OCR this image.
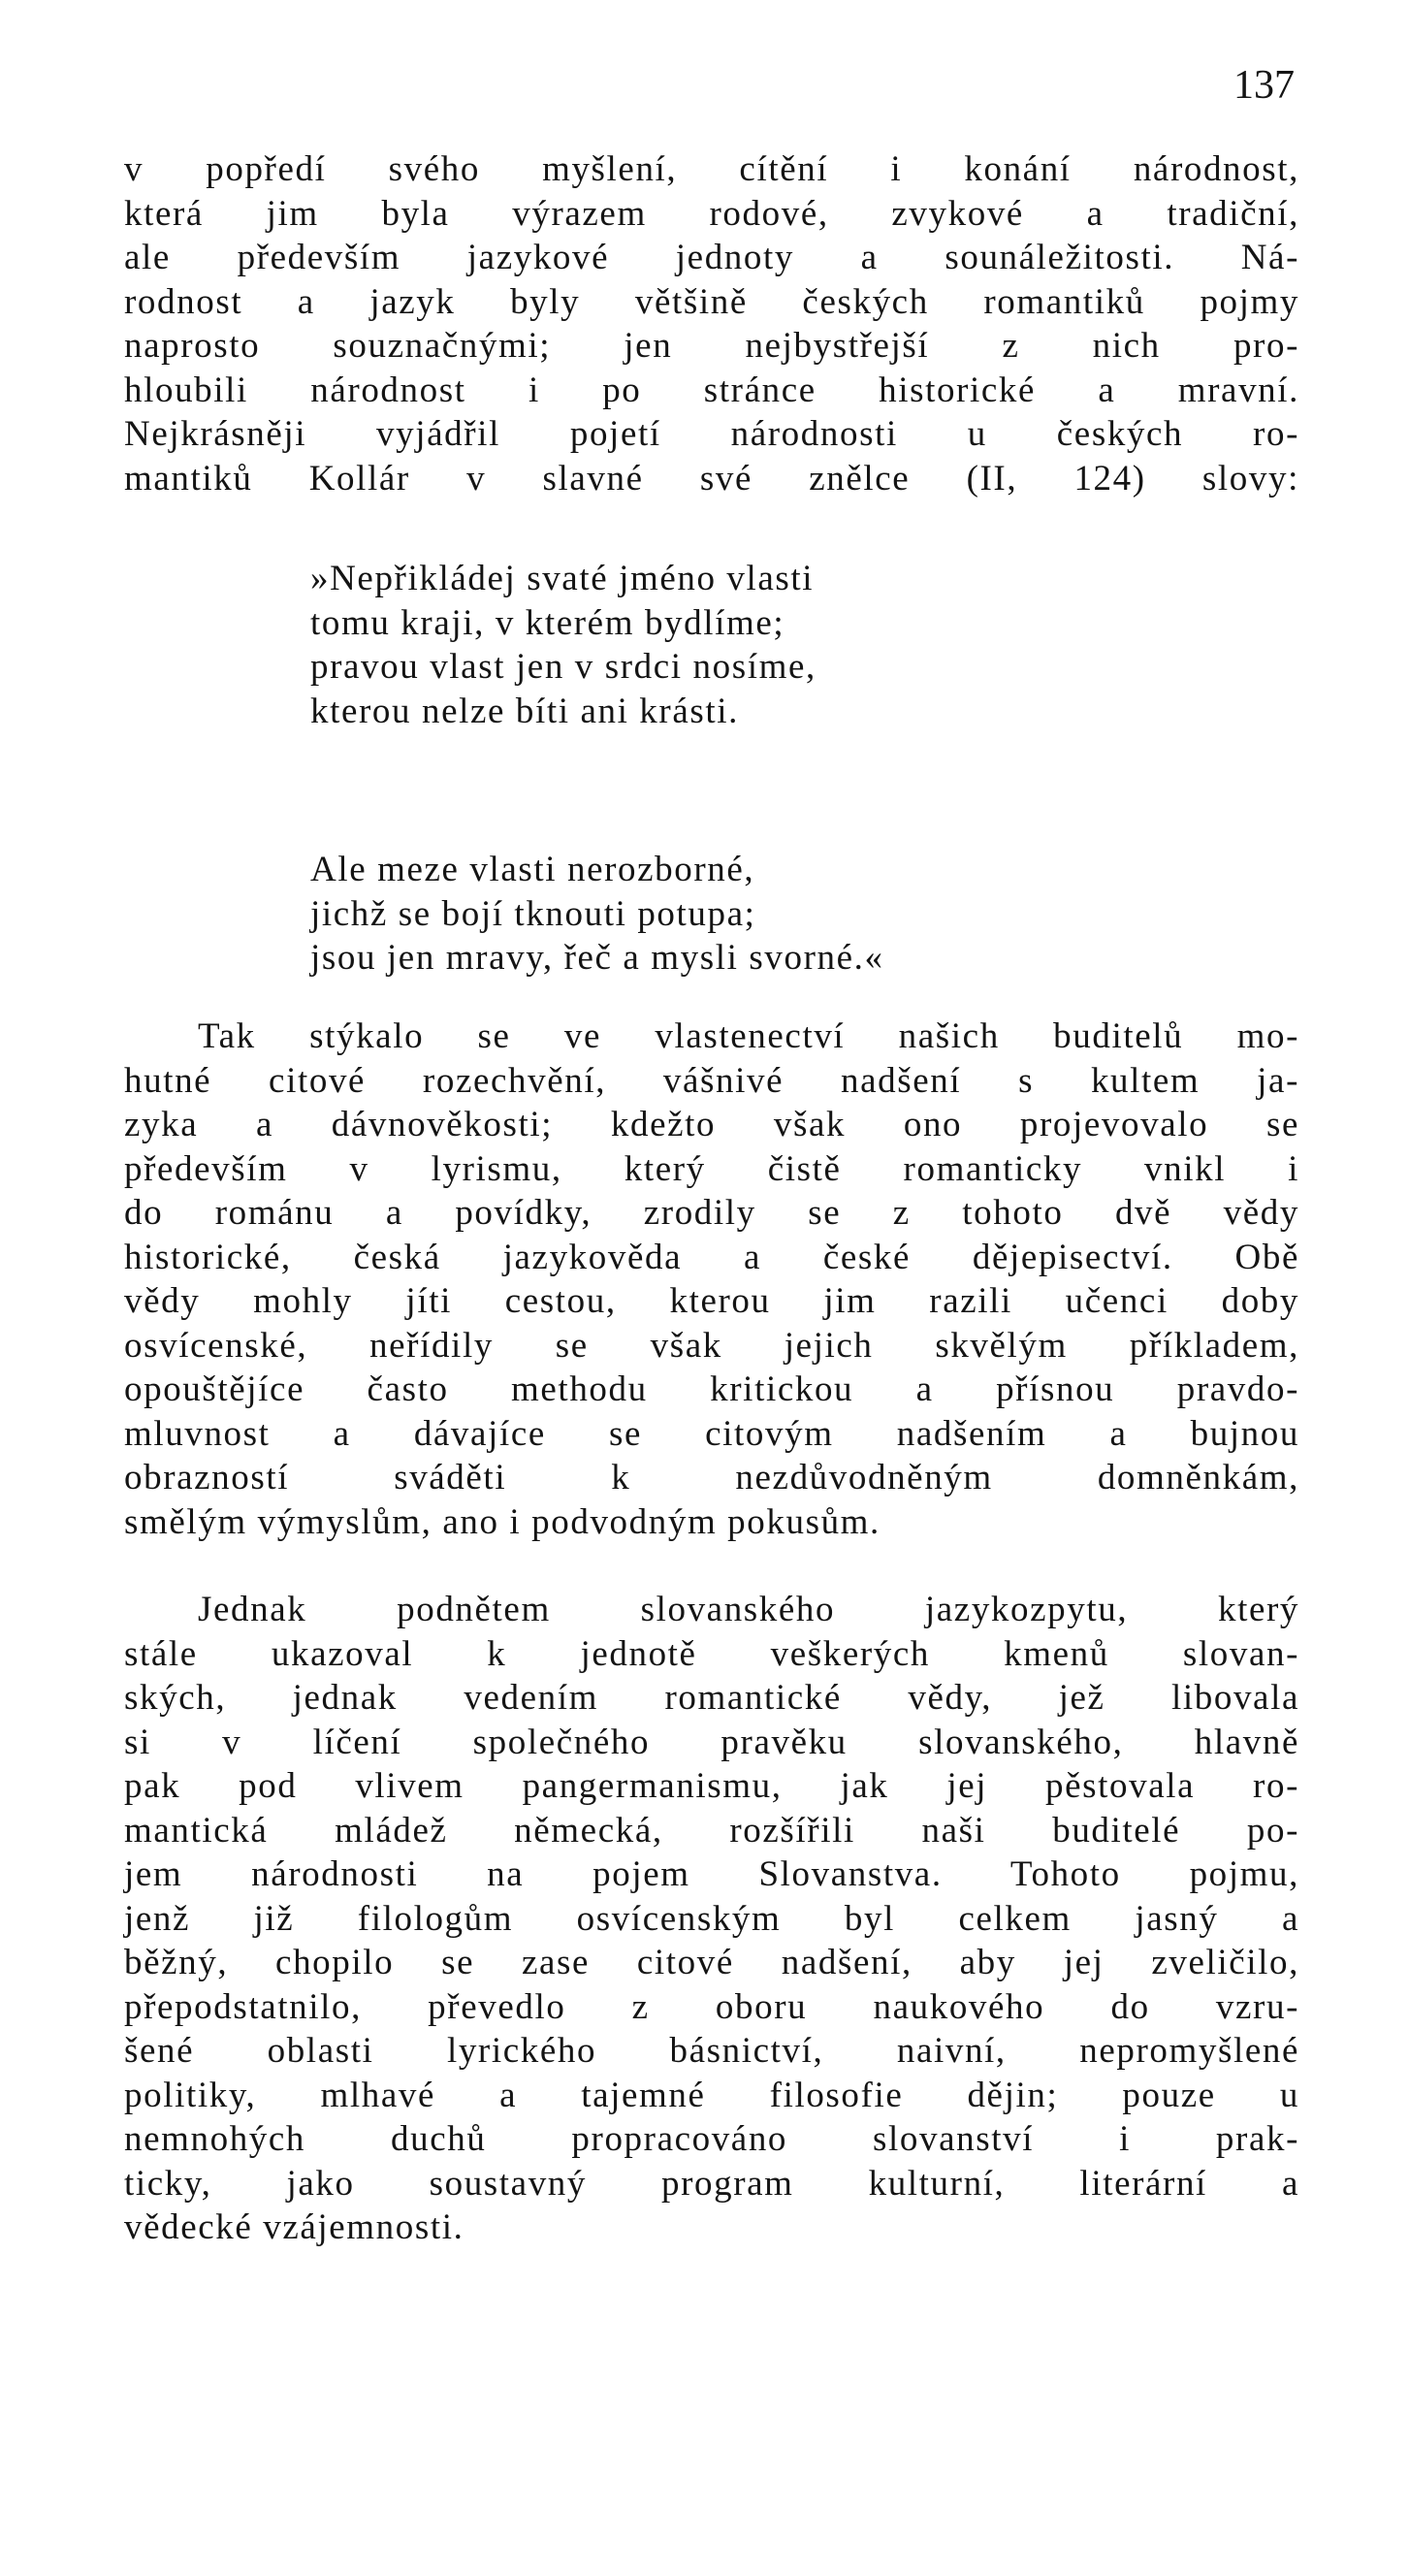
137
v popředí svého myšlení, cítění i konání národnost,
která jim byla výrazem rodové, zvykové a tradiční,
ale především jazykové jednoty a sounáležitosti. Ná-
rodnost a jazyk byly většině českých romantiků pojmy
naprosto souznačnými; jen nejbystřejší z nich pro-
hloubili národnost i po stránce historické a mravní.
Nejkrásněji vyjádřil pojetí národnosti u českých ro-
mantiků Kollár v slavné své znělce (II, 124) slovy:
»Nepřikládej svaté jméno vlasti
tomu kraji, v kterém bydlíme;
pravou vlast jen v srdci nosíme,
kterou nelze bíti ani krásti.
Ale meze vlasti nerozborné,
jichž se bojí tknouti potupa;
jsou jen mravy, řeč a mysli svorné.«
Tak stýkalo se ve vlastenectví našich buditelů mo-
hutné citové rozechvění, vášnivé nadšení s kultem ja-
zyka a dávnověkosti; kdežto však ono projevovalo se
především v lyrismu, který čistě romanticky vnikl i
do románu a povídky, zrodily se z tohoto dvě vědy
historické, česká jazykověda a české dějepisectví. Obě
vědy mohly jíti cestou, kterou jim razili učenci doby
osvícenské, neřídily se však jejich skvělým příkladem,
opouštějíce často methodu kritickou a přísnou pravdo-
mluvnost a dávajíce se citovým nadšením a bujnou
obrazností sváděti k nezdůvodněným domněnkám,
smělým výmyslům, ano i podvodným pokusům.
Jednak podnětem slovanského jazykozpytu, který
stále ukazoval k jednotě veškerých kmenů slovan-
ských, jednak vedením romantické vědy, jež libovala
si v líčení společného pravěku slovanského, hlavně
pak pod vlivem pangermanismu, jak jej pěstovala ro-
mantická mládež německá, rozšířili naši buditelé po-
jem národnosti na pojem Slovanstva. Tohoto pojmu,
jenž již filologům osvícenským byl celkem jasný a
běžný, chopilo se zase citové nadšení, aby jej zveličilo,
přepodstatnilo, převedlo z oboru naukového do vzru-
šené oblasti lyrického básnictví, naivní, nepromyšlené
politiky, mlhavé a tajemné filosofie dějin; pouze u
nemnohých duchů propracováno slovanství i prak-
ticky, jako soustavný program kulturní, literární a
vědecké vzájemnosti.
